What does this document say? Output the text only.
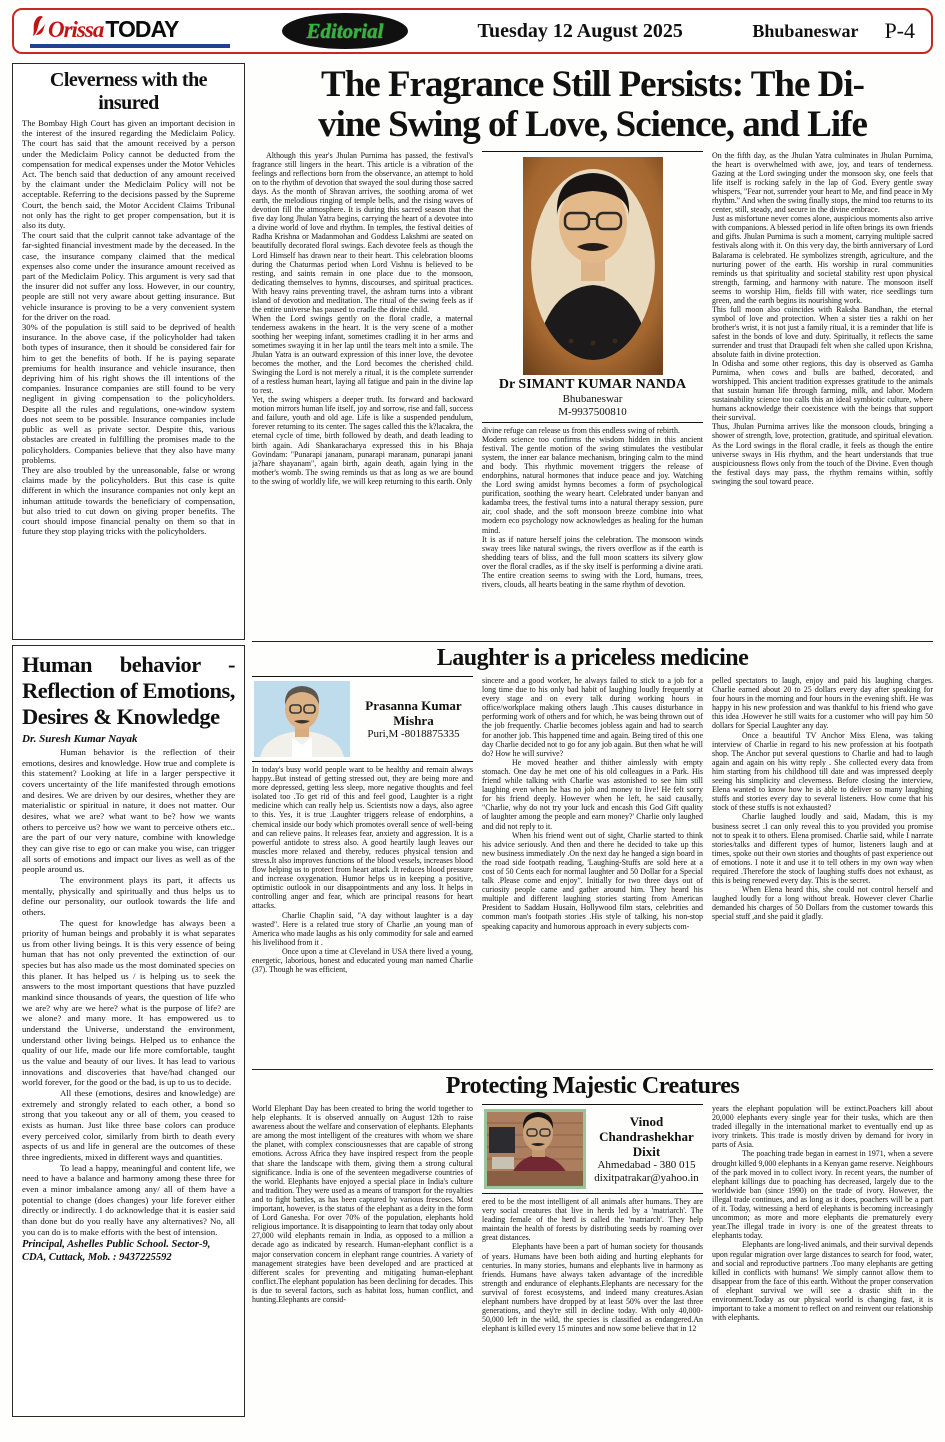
Orissa TODAY	Editorial	Tuesday 12 August 2025	Bhubaneswar P-4
Cleverness with the insured

The Bombay High Court has given an important decision in the interest of the insured regarding the Mediclaim Policy. The court has said that the amount received by a person under the Mediclaim Policy cannot be deducted from the compensation for medical expenses under the Motor Vehicles Act. The bench said that deduction of any amount received by the claimant under the Mediclaim Policy will not be acceptable. Referring to the decisions passed by the Supreme Court, the bench said, the Motor Accident Claims Tribunal not only has the right to get proper compensation, but it is also its duty.

The court said that the culprit cannot take advantage of the far-sighted financial investment made by the deceased. In the case, the insurance company claimed that the medical expenses also come under the insurance amount received as part of the Mediclaim Policy. This argument is very sad that the insurer did not suffer any loss. However, in our country, people are still not very aware about getting insurance. But vehicle insurance is proving to be a very convenient system for the driver on the road.

30% of the population is still said to be deprived of health insurance. In the above case, if the policyholder had taken both types of insurance, then it should be considered fair for him to get the benefits of both. If he is paying separate premiums for health insurance and vehicle insurance, then depriving him of his right shows the ill intentions of the companies. Insurance companies are still found to be very negligent in giving compensation to the policyholders. Despite all the rules and regulations, one-window system does not seem to be possible. Insurance companies include public as well as private sector. Despite this, various obstacles are created in fulfilling the promises made to the policyholders. Companies believe that they also have many problems.

They are also troubled by the unreasonable, false or wrong claims made by the policyholders. But this case is quite different in which the insurance companies not only kept an inhuman attitude towards the beneficiary of compensation, but also tried to cut down on giving proper benefits. The court should impose financial penalty on them so that in future they stop playing tricks with the policyholders.

Human behavior -
Reflection of Emotions,
Desires & Knowledge
Dr. Suresh Kumar Nayak

Human behavior is the reflection of their emotions, desires and knowledge. How true and complete is this statement? Looking at life in a larger perspective it covers uncertainty of the life manifested through emotions and desires. We are driven by our desires, whether they are materialistic or spiritual in nature, it does not matter. Our desires, what we are? what want to be? how we wants others to perceive us? how we want to perceive others etc.. are the part of our very nature, combine with knowledge they can give rise to ego or can make you wise, can trigger all sorts of emotions and impact our lives as well as of the people around us.

The environment plays its part, it affects us mentally, physically and spiritually and thus helps us to define our personality, our outlook towards the life and others.

The quest for knowledge has always been a priority of human beings and probably it is what separates us from other living beings. It is this very essence of being human that has not only prevented the extinction of our species but has also made us the most dominated species on this planer. It has helped us / is helping us to seek the answers to the most important questions that have puzzled mankind since thousands of years, the question of life who we are? why are we here? what is the purpose of life? are we alone? and many more. It has empowered us to understand the Universe, understand the environment, understand other living beings. Helped us to enhance the quality of our life, made our life more comfortable, taught us the value and beauty of our lives. It has lead to various innovations and discoveries that have/had changed our world forever, for the good or the bad, is up to us to decide.

All these (emotions, desires and knowledge) are extremely and strongly related to each other, a bond so strong that you takeout any or all of them, you ceased to exists as human. Just like three base colors can produce every perceived color, similarly from birth to death every aspects of us and life in general are the outcomes of these three ingredients, mixed in different ways and quantities.

To lead a happy, meaningful and content life, we need to have a balance and harmony among these three for even a minor imbalance among any/ all of them have a potential to change (does changes) your life forever either directly or indirectly. I do acknowledge that it is easier said than done but do you really have any alternatives? No, all you can do is to make efforts with the best of intension.

Principal, Ashelles Public School. Sector-9, CDA, Cuttack, Mob. : 9437225592
The Fragrance Still Persists: The Di-
vine Swing of Love, Science, and Life

Although this year's Jhulan Purnima has passed, the festival's fragrance still lingers in the heart. This article is a vibration of the feelings and reflections born from the observance, an attempt to hold on to the rhythm of devotion that swayed the soul during those sacred days. As the month of Shravan arrives, the soothing aroma of wet earth, the melodious ringing of temple bells, and the rising waves of devotion fill the atmosphere. It is during this sacred season that the five day long Jhulan Yatra begins, carrying the heart of a devotee into a divine world of love and rhythm. In temples, the festival deities of Radha Krishna or Madanmohan and Goddess Lakshmi are seated on beautifully decorated floral swings. Each devotee feels as though the Lord Himself has drawn near to their heart. This celebration blooms during the Chaturmas period when Lord Vishnu is believed to be resting, and saints remain in one place due to the monsoon, dedicating themselves to hymns, discourses, and spiritual practices. With heavy rains preventing travel, the ashram turns into a vibrant island of devotion and meditation. The ritual of the swing feels as if the entire universe has paused to cradle the divine child.

When the Lord swings gently on the floral cradle, a maternal tenderness awakens in the heart. It is the very scene of a mother soothing her weeping infant, sometimes cradling it in her arms and sometimes swaying it in her lap until the tears melt into a smile. The Jhulan Yatra is an outward expression of this inner love, the devotee becomes the mother, and the Lord becomes the cherished child. Swinging the Lord is not merely a ritual, it is the complete surrender of a restless human heart, laying all fatigue and pain in the divine lap to rest.

Yet, the swing whispers a deeper truth. Its forward and backward motion mirrors human life itself, joy and sorrow, rise and fall, success and failure, youth and old age. Life is like a suspended pendulum, forever returning to its center. The sages called this the k?lacakra, the eternal cycle of time, birth followed by death, and death leading to birth again. Adi Shankaracharya expressed this in his Bhaja Govindam: "Punarapi jananam, punarapi maranam, punarapi janani ja?hare shayanam", again birth, again death, again lying in the mother's womb. The swing reminds us that as long as we are bound to the swing of worldly life, we will keep returning to this earth. Only

Dr SIMANT KUMAR NANDA
Bhubaneswar
M-9937500810

divine refuge can release us from this endless swing of rebirth.

Modern science too confirms the wisdom hidden in this ancient festival. The gentle motion of the swing stimulates the vestibular system, the inner ear balance mechanism, bringing calm to the mind and body. This rhythmic movement triggers the release of endorphins, natural hormones that induce peace and joy. Watching the Lord swing amidst hymns becomes a form of psychological purification, soothing the weary heart. Celebrated under banyan and kadamba trees, the festival turns into a natural therapy session, pure air, cool shade, and the soft monsoon breeze combine into what modern eco psychology now acknowledges as healing for the human mind.

It is as if nature herself joins the celebration. The monsoon winds sway trees like natural swings, the rivers overflow as if the earth is shedding tears of bliss, and the full moon scatters its silvery glow over the floral cradles, as if the sky itself is performing a divine arati. The entire creation seems to swing with the Lord, humans, trees, rivers, clouds, all hearts beating in the same rhythm of devotion.

On the fifth day, as the Jhulan Yatra culminates in Jhulan Purnima, the heart is overwhelmed with awe, joy, and tears of tenderness. Gazing at the Lord swinging under the monsoon sky, one feels that life itself is rocking safely in the lap of God. Every gentle sway whispers, "Fear not, surrender your heart to Me, and find peace in My rhythm." And when the swing finally stops, the mind too returns to its center, still, steady, and secure in the divine embrace.

Just as misfortune never comes alone, auspicious moments also arrive with companions. A blessed period in life often brings its own friends and gifts. Jhulan Purnima is such a moment, carrying multiple sacred festivals along with it. On this very day, the birth anniversary of Lord Balarama is celebrated. He symbolizes strength, agriculture, and the nurturing power of the earth. His worship in rural communities reminds us that spirituality and societal stability rest upon physical strength, farming, and harmony with nature. The monsoon itself seems to worship Him, fields fill with water, rice seedlings turn green, and the earth begins its nourishing work.

This full moon also coincides with Raksha Bandhan, the eternal symbol of love and protection. When a sister ties a rakhi on her brother's wrist, it is not just a family ritual, it is a reminder that life is safest in the bonds of love and duty. Spiritually, it reflects the same surrender and trust that Draupadi felt when she called upon Krishna, absolute faith in divine protection.

In Odisha and some other regions, this day is observed as Gamha Purnima, when cows and bulls are bathed, decorated, and worshipped. This ancient tradition expresses gratitude to the animals that sustain human life through farming, milk, and labor. Modern sustainability science too calls this an ideal symbiotic culture, where humans acknowledge their coexistence with the beings that support their survival.

Thus, Jhulan Purnima arrives like the monsoon clouds, bringing a shower of strength, love, protection, gratitude, and spiritual elevation. As the Lord swings in the floral cradle, it feels as though the entire universe sways in His rhythm, and the heart understands that true auspiciousness flows only from the touch of the Divine. Even though the festival days may pass, the rhythm remains within, softly swinging the soul toward peace.

Laughter is a priceless medicine
Prasanna Kumar Mishra
Puri,M -8018875335

In today's busy world people want to be healthy and remain always happy..But instead of getting stressed out, they are being more and more depressed, getting less sleep, more negative thoughts and feel isolated too .To get rid of this and feel good, Laughter is a right medicine which can really help us. Scientists now a days, also agree to this. Yes, it is true .Laughter triggers release of endorphins, a chemical inside our body which promotes overall sence of well-being and can relieve pains. It releases fear, anxiety and aggression. It is a powerful antidote to stress also. A good heartily laugh leaves our muscles more relaxed and thereby, reduces physical tension and stress.It also improves functions of the blood vessels, increases blood flow helping us to protect from heart attack .It reduces blood pressure and increase oxygenation. Humor helps us in keeping a positive, optimistic outlook in our disappointments and any loss. It helps in controlling anger and fear, which are principal reasons for heart attacks.

Charlie Chaplin said, "A day without laughter is a day wasted". Here is a related true story of Charlie ,an young man of America who made laughs as his only commodity for sale and earned his livelihood from it .

Once upon a time at Cleveland in USA there lived a young, energetic, laborious, honest and educated young man named Charlie (37). Though he was efficient,

sincere and a good worker, he always failed to stick to a job for a long time due to his only bad habit of laughing loudly frequently at every stage and on every talk during working hours in office/workplace making others laugh .This causes disturbance in performing work of others and for which, he was being thrown out of the job frequently. Charlie becomes jobless again and had to search for another job. This happened time and again. Being tired of this one day Charlie decided not to go for any job again. But then what he will do? How he will survive?

He moved heather and thither aimlessly with empty stomach. One day he met one of his old colleagues in a Park. His friend while talking with Charlie was astonished to see him still laughing even when he has no job and money to live! He felt sorry for his friend deeply. However when he left, he said causally, "Charlie, why do not try your luck and encash this God Gift quality of laughter among the people and earn money?' Charlie only laughed and did not reply to it.

When his friend went out of sight, Charlie started to think his advice seriously. And then and there he decided to take up this new business immediately .On the next day he hanged a sign board in the road side footpath reading, 'Laughing-Stuffs are sold here at a cost of 50 Cents each for normal laughter and 50 Dollar for a Special talk .Please come and enjoy". Initially for two three days out of curiosity people came and gather around him. They heard his multiple and different laughing stories starting from American President to Saddam Husain, Hollywood film stars, celebrities and common man's footpath stories .His style of talking, his non-stop speaking capacity and humorous approach in every subjects com-

pelled spectators to laugh, enjoy and paid his laughing charges. Charlie earned about 20 to 25 dollars every day after speaking for four hours in the morning and four hours in the evening shift. He was happy in his new profession and was thankful to his friend who gave this idea .However he still waits for a customer who will pay him 50 dollars for Special Laughter any day.

Once a beautiful TV Anchor Miss Elena, was taking interview of Charlie in regard to his new profession at his footpath shop. The Anchor put several questions to Charlie and had to laugh again and again on his witty reply . She collected every data from him starting from his childhood till date and was impressed deeply seeing his simplicity and cleverness. Before closing the interview, Elena wanted to know how he is able to deliver so many laughing stuffs and stories every day to several listeners. How come that his stock of these stuffs is not exhausted?

Charlie laughed loudly and said, Madam, this is my business secret .I can only reveal this to you provided you promise not to speak it to others. Elena promised. Charlie said, while I narrate stories/talks and different types of humor, listeners laugh and at times, spoke out their own stories and thoughts of past experience out of emotions. I note it and use it to tell others in my own way when required .Therefore the stock of laughing stuffs does not exhaust, as this is being renewed every day. This is the secret.

When Elena heard this, she could not control herself and laughed loudly for a long without break. However clever Charlie demanded his charges of 50 Dollars from the customer towards this special stuff ,and she paid it gladly.

Protecting Majestic Creatures

World Elephant Day has been created to bring the world together to help elephants. It is observed annually on August 12th to raise awareness about the welfare and conservation of elephants. Elephants are among the most intelligent of the creatures with whom we share the planet, with complex consciousnesses that are capable of strong emotions. Across Africa they have inspired respect from the people that share the landscape with them, giving them a strong cultural significance. India is one of the seventeen megadiverse countries of the world. Elephants have enjoyed a special place in India's culture and tradition. They were used as a means of transport for the royalties and to fight battles, as has been captured by various frescoes. Most important, however, is the status of the elephant as a deity in the form of Lord Ganesha. For over 70% of the population, elephants hold religious importance. It is disappointing to learn that today only about 27,000 wild elephants remain in India, as opposed to a million a decade ago as indicated by research. Human-elephant conflict is a major conservation concern in elephant range countries. A variety of management strategies have been developed and are practiced at different scales for preventing and mitigating human-elephant conflict.The elephant population has been declining for decades. This is due to several factors, such as habitat loss, human conflict, and hunting.Elephants are consid-

Vinod Chandrashekhar Dixit
Ahmedabad - 380 015
dixitpatrakar@yahoo.in

ered to be the most intelligent of all animals after humans. They are very social creatures that live in herds led by a 'matriarch'. The leading female of the herd is called the 'matriarch'. They help maintain the health of forests by distributing seeds by roaming over great distances.

Elephants have been a part of human society for thousands of years. Humans have been both aiding and hurting elephants for centuries. In many stories, humans and elephants live in harmony as friends. Humans have always taken advantage of the incredible strength and endurance of elephants.Elephants are necessary for the survival of forest ecosystems, and indeed many creatures.Asian elephant numbers have dropped by at least 50% over the last three generations, and they're still in decline today. With only 40,000-50,000 left in the wild, the species is classified as endangered.An elephant is killed every 15 minutes and now some believe that in 12

years the elephant population will be extinct.Poachers kill about 20,000 elephants every single year for their tusks, which are then traded illegally in the international market to eventually end up as ivory trinkets. This trade is mostly driven by demand for ivory in parts of Asia.

The poaching trade began in earnest in 1971, when a severe drought killed 9,000 elephants in a Kenyan game reserve. Neighbours of the park moved in to collect ivory. In recent years, the number of elephant killings due to poaching has decreased, largely due to the worldwide ban (since 1990) on the trade of ivory. However, the illegal trade continues, and as long as it does, poachers will be a part of it. Today, witnessing a herd of elephants is becoming increasingly uncommon; as more and more elephants die prematurely every year.The illegal trade in ivory is one of the greatest threats to elephants today.

Elephants are long-lived animals, and their survival depends upon regular migration over large distances to search for food, water, and social and reproductive partners .Too many elephants are getting killed in conflicts with humans! We simply cannot allow them to disappear from the face of this earth. Without the proper conservation of elephant survival we will see a drastic shift in the environment.Today as our physical world is changing fast, it is important to take a moment to reflect on and reinvent our relationship with elephants.
